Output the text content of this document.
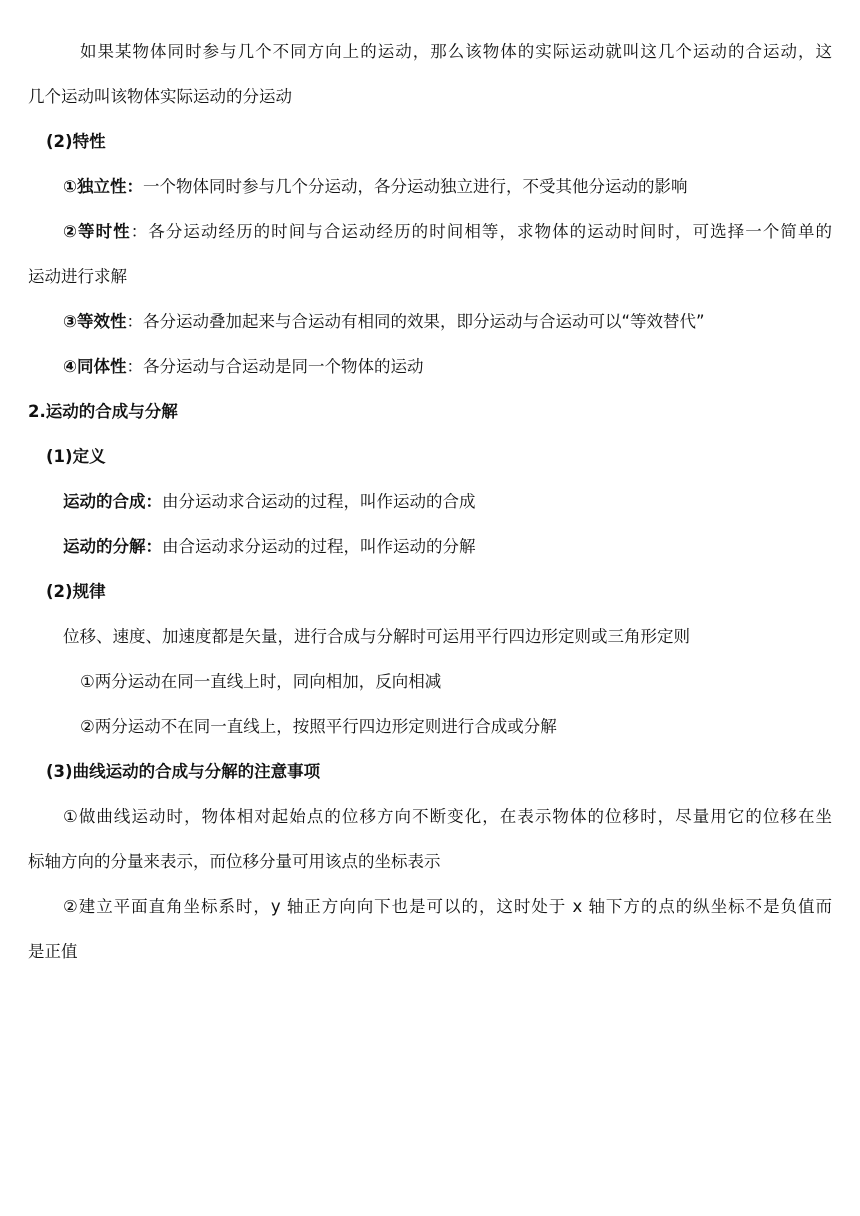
如果某物体同时参与几个不同方向上的运动，那么该物体的实际运动就叫这几个运动的合运动，这
几个运动叫该物体实际运动的分运动
(2)特性
①独立性：一个物体同时参与几个分运动，各分运动独立进行，不受其他分运动的影响
②等时性：各分运动经历的时间与合运动经历的时间相等，求物体的运动时间时，可选择一个简单的
运动进行求解
③等效性：各分运动叠加起来与合运动有相同的效果，即分运动与合运动可以“等效替代”
④同体性：各分运动与合运动是同一个物体的运动
2.运动的合成与分解
(1)定义
运动的合成：由分运动求合运动的过程，叫作运动的合成
运动的分解：由合运动求分运动的过程，叫作运动的分解
(2)规律
位移、速度、加速度都是矢量，进行合成与分解时可运用平行四边形定则或三角形定则
①两分运动在同一直线上时，同向相加，反向相减
②两分运动不在同一直线上，按照平行四边形定则进行合成或分解
(3)曲线运动的合成与分解的注意事项
①做曲线运动时，物体相对起始点的位移方向不断变化，在表示物体的位移时，尽量用它的位移在坐
标轴方向的分量来表示，而位移分量可用该点的坐标表示
②建立平面直角坐标系时，y 轴正方向向下也是可以的，这时处于 x 轴下方的点的纵坐标不是负值而
是正值
